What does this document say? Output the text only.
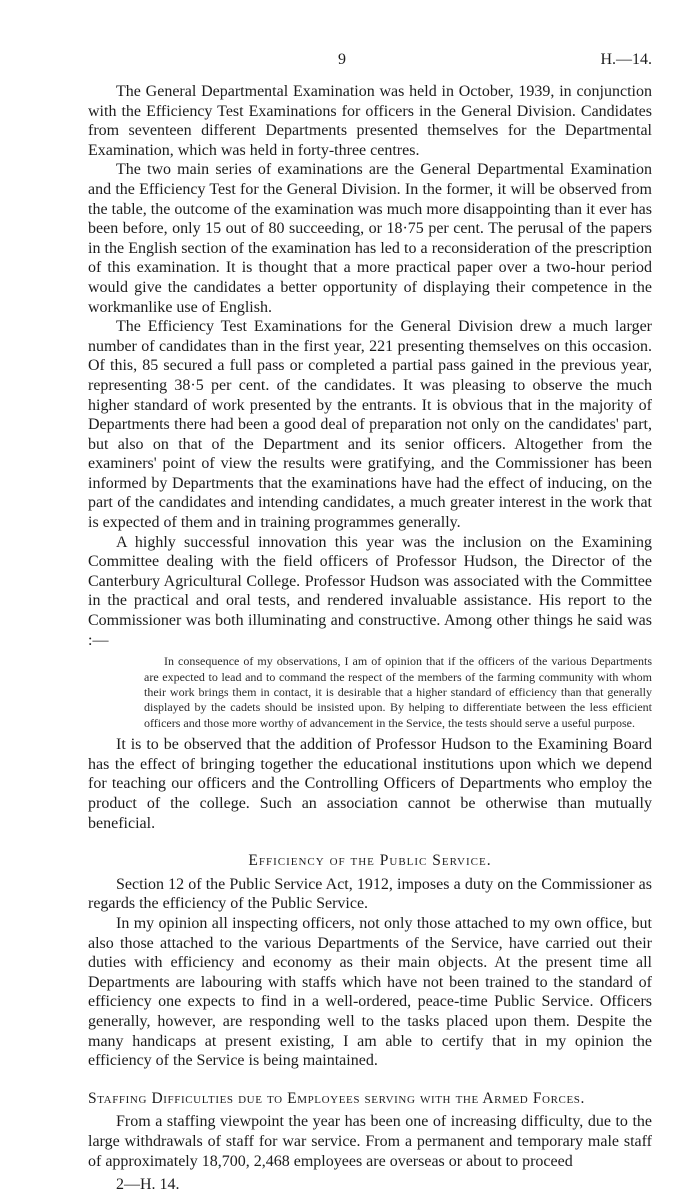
9	H.—14.

The General Departmental Examination was held in October, 1939, in conjunction with the Efficiency Test Examinations for officers in the General Division. Candidates from seventeen different Departments presented themselves for the Departmental Examination, which was held in forty-three centres.

The two main series of examinations are the General Departmental Examination and the Efficiency Test for the General Division. In the former, it will be observed from the table, the outcome of the examination was much more disappointing than it ever has been before, only 15 out of 80 succeeding, or 18·75 per cent. The perusal of the papers in the English section of the examination has led to a reconsideration of the prescription of this examination. It is thought that a more practical paper over a two-hour period would give the candidates a better opportunity of displaying their competence in the workmanlike use of English.

The Efficiency Test Examinations for the General Division drew a much larger number of candidates than in the first year, 221 presenting themselves on this occasion. Of this, 85 secured a full pass or completed a partial pass gained in the previous year, representing 38·5 per cent. of the candidates. It was pleasing to observe the much higher standard of work presented by the entrants. It is obvious that in the majority of Departments there had been a good deal of preparation not only on the candidates' part, but also on that of the Department and its senior officers. Altogether from the examiners' point of view the results were gratifying, and the Commissioner has been informed by Departments that the examinations have had the effect of inducing, on the part of the candidates and intending candidates, a much greater interest in the work that is expected of them and in training programmes generally.

A highly successful innovation this year was the inclusion on the Examining Committee dealing with the field officers of Professor Hudson, the Director of the Canterbury Agricultural College. Professor Hudson was associated with the Committee in the practical and oral tests, and rendered invaluable assistance. His report to the Commissioner was both illuminating and constructive. Among other things he said was :—

In consequence of my observations, I am of opinion that if the officers of the various Departments are expected to lead and to command the respect of the members of the farming community with whom their work brings them in contact, it is desirable that a higher standard of efficiency than that generally displayed by the cadets should be insisted upon. By helping to differentiate between the less efficient officers and those more worthy of advancement in the Service, the tests should serve a useful purpose.

It is to be observed that the addition of Professor Hudson to the Examining Board has the effect of bringing together the educational institutions upon which we depend for teaching our officers and the Controlling Officers of Departments who employ the product of the college. Such an association cannot be otherwise than mutually beneficial.

Efficiency of the Public Service.

Section 12 of the Public Service Act, 1912, imposes a duty on the Commissioner as regards the efficiency of the Public Service.

In my opinion all inspecting officers, not only those attached to my own office, but also those attached to the various Departments of the Service, have carried out their duties with efficiency and economy as their main objects. At the present time all Departments are labouring with staffs which have not been trained to the standard of efficiency one expects to find in a well-ordered, peace-time Public Service. Officers generally, however, are responding well to the tasks placed upon them. Despite the many handicaps at present existing, I am able to certify that in my opinion the efficiency of the Service is being maintained.

Staffing Difficulties due to Employees serving with the Armed Forces.

From a staffing viewpoint the year has been one of increasing difficulty, due to the large withdrawals of staff for war service. From a permanent and temporary male staff of approximately 18,700, 2,468 employees are overseas or about to proceed

2—H. 14.
